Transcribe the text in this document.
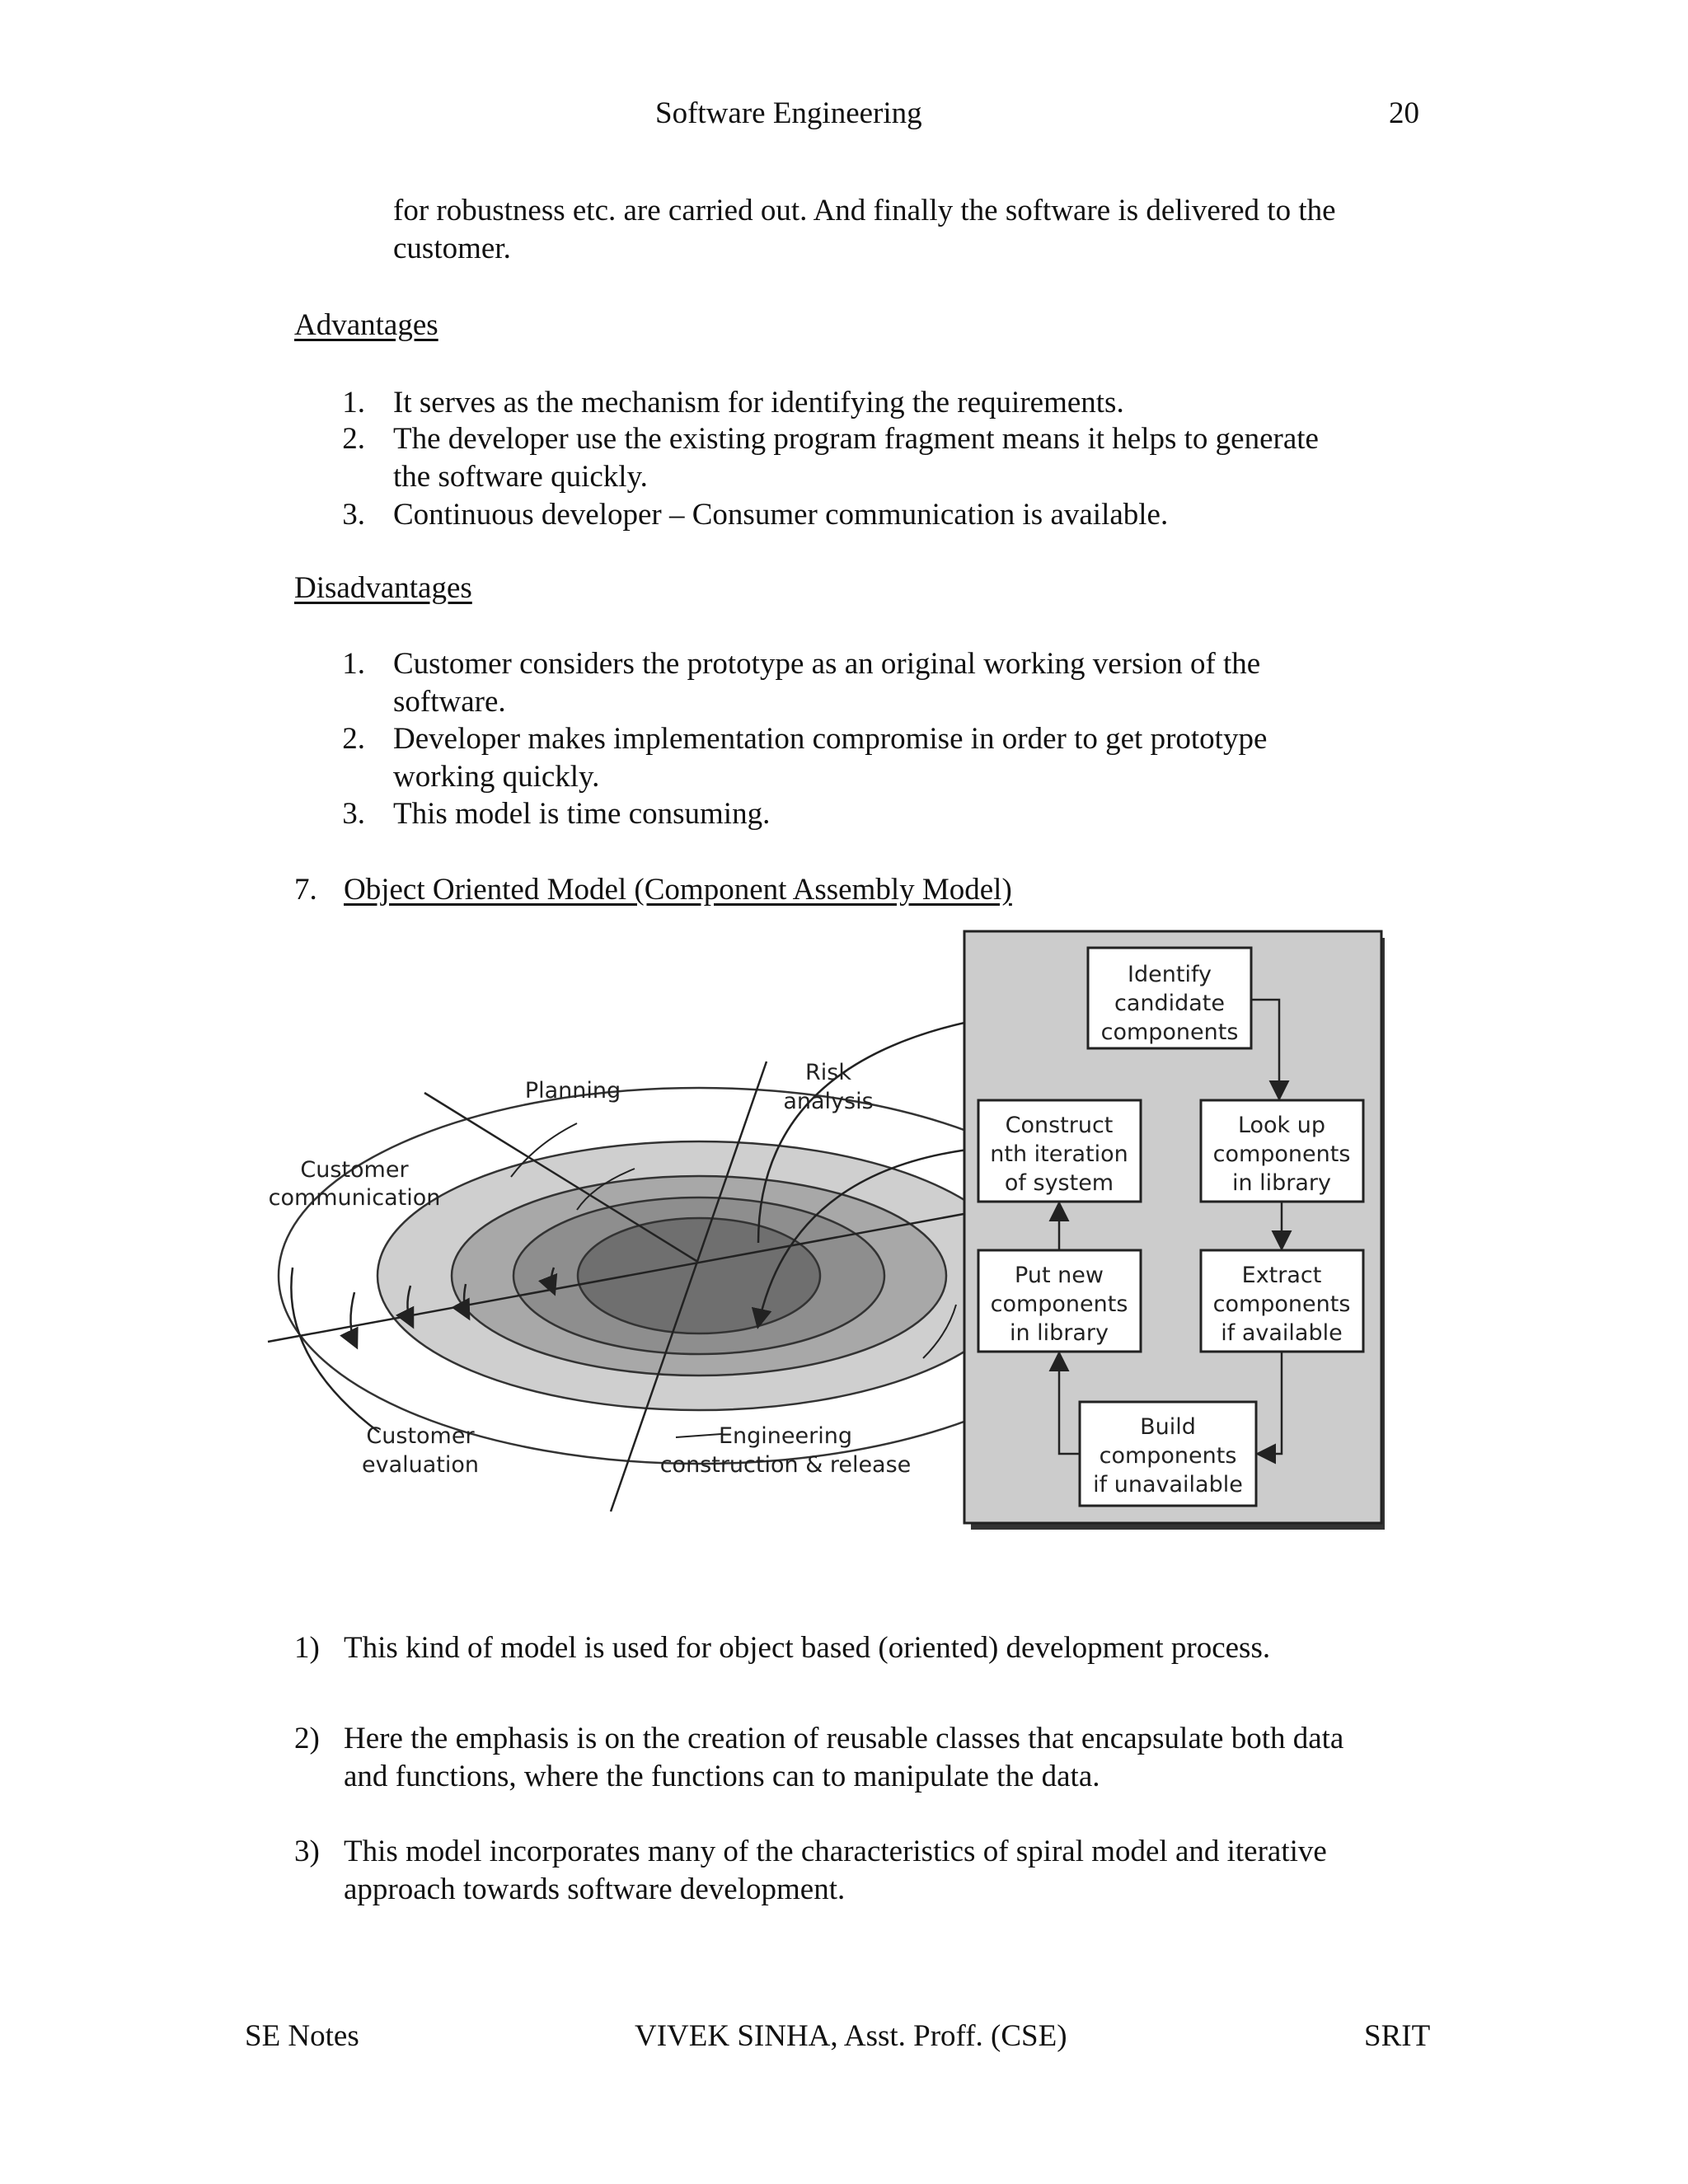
Software Engineering	20
for robustness etc. are carried out. And finally the software is delivered to the
customer.
Advantages
1. It serves as the mechanism for identifying the requirements.
2. The developer use the existing program fragment means it helps to generate
the software quickly.
3. Continuous developer – Consumer communication is available.
Disadvantages
1. Customer considers the prototype as an original working version of the
software.
2. Developer makes implementation compromise in order to get prototype
working quickly.
3. This model is time consuming.
7. Object Oriented Model (Component Assembly Model)
Planning
Risk
analysis
Customer
communication
Customer
evaluation
Engineering
construction & release
Identify
candidate
components
Construct
nth iteration
of system
Look up
components
in library
Put new
components
in library
Extract
components
if available
Build
components
if unavailable
1) This kind of model is used for object based (oriented) development process.
2) Here the emphasis is on the creation of reusable classes that encapsulate both data
and functions, where the functions can to manipulate the data.
3) This model incorporates many of the characteristics of spiral model and iterative
approach towards software development.
SE Notes	VIVEK SINHA, Asst. Proff. (CSE)	SRIT
